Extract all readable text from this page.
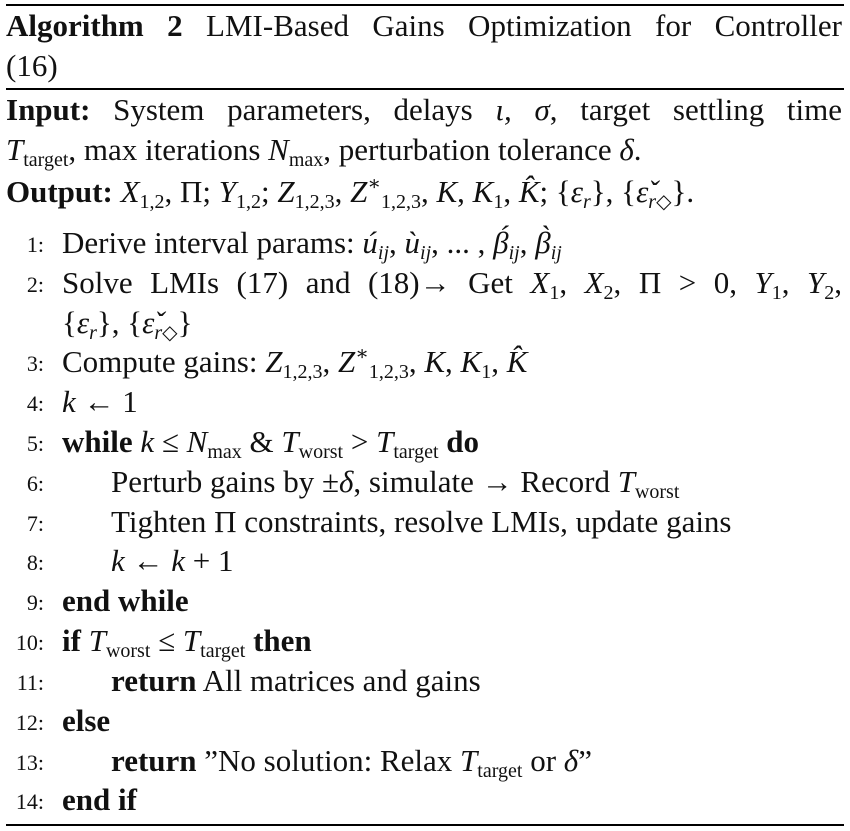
Algorithm 2 LMI-Based Gains Optimization for Controller
(16)
Input: System parameters, delays ι, σ, target settling time
$T_{target}$, max iterations $N_{max}$, perturbation tolerance δ.
Output: $X_{1,2}$, Π; $Y_{1,2}$; $Z_{1,2,3}$, $Z^∗_{1,2,3}$, K, $K_1$, K̂; $\{\varepsilon_r\}$, $\{\varepsiloň_{r◇}\}$.
1: Derive interval params: $ú_{ij}$, $ù_{ij}$, ... , $\betá_{ij}$, $\betà_{ij}$
2: Solve LMIs (17) and (18)→ Get $X_1$, $X_2$, Π > 0, $Y_1$, $Y_2$,
$\{\varepsilon_r\}$, $\{\varepsiloň_{r◇}\}$
3: Compute gains: $Z_{1,2,3}$, $Z^∗_{1,2,3}$, K, $K_1$, K̂
4: k ← 1
5: while $k \le N_{max}$ & $T_{worst} > T_{target}$ do
6: Perturb gains by ±δ, simulate → Record $T_{worst}$
7: Tighten Π constraints, resolve LMIs, update gains
8: k ← k + 1
9: end while
10: if $T_{worst} \le T_{target}$ then
11: return All matrices and gains
12: else
13: return ”No solution: Relax $T_{target}$ or δ”
14: end if
